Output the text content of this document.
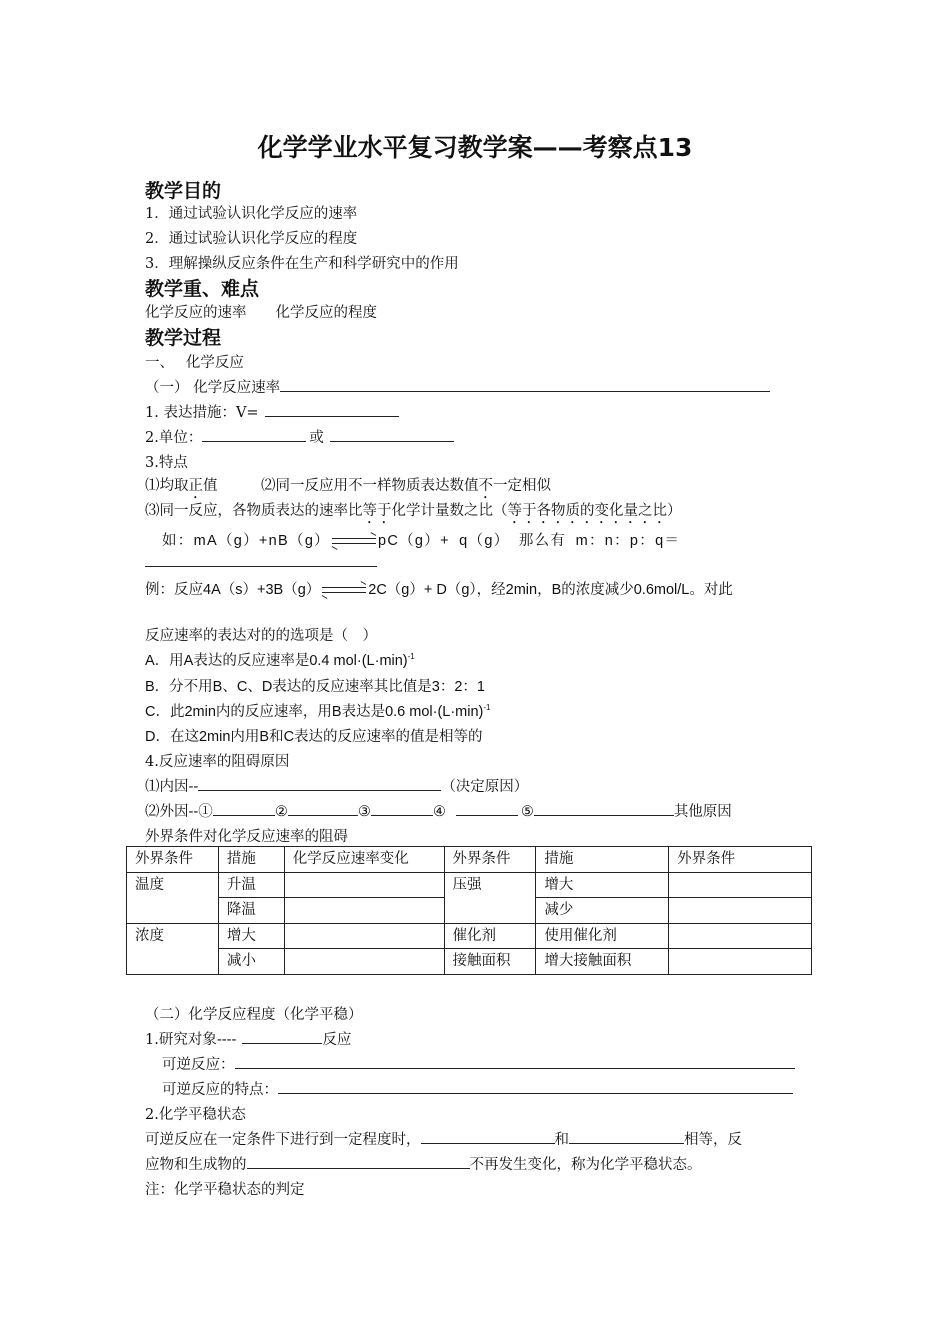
化学学业水平复习教学案——考察点13
教学目的
1．通过试验认识化学反应的速率
2．通过试验认识化学反应的程度
3．理解操纵反应条件在生产和科学研究中的作用
教学重、难点
化学反应的速率　　化学反应的程度
教学过程
一、　 化学反应
（一） 化学反应速率
1. 表达措施：V=
2.单位：	或
3.特点
⑴均取正值　　　⑵同一反应用不一样物质表达数值不一定相似
⑶同一反应，各物质表达的速率比等于化学计量数之比（等于各物质的变化量之比）
如：mA（g）+nB（g）	pC（g）+ q（g） 那么有 m：n：p：q＝
例：反应4A（s）+3B（g）	2C（g）+ D（g），经2min，B的浓度减少0.6mol/L。对此
反应速率的表达对的的选项是（　）
A．用A表达的反应速率是0.4 $mol\cdot(L\cdot\min)^{-1}$
B．分不用B、C、D表达的反应速率其比值是3：2：1
C．此2min内的反应速率，用B表达是0.6 $mol\cdot(L\cdot\min)^{-1}$
D．在这2min内用B和C表达的反应速率的值是相等的
4.反应速率的阻碍原因
⑴内因--	（决定原因）
⑵外因--①	②	③	④	⑤	其他原因
外界条件对化学反应速率的阻碍
外界条件	措施	化学反应速率变化	外界条件	措施	外界条件
温度	升温		压强	增大	
	降温			减少	
浓度	增大		催化剂	使用催化剂	
	减小		接触面积	增大接触面积	
（二）化学反应程度（化学平稳）
1.研究对象----	反应
可逆反应：
可逆反应的特点：
2.化学平稳状态
可逆反应在一定条件下进行到一定程度时，	和	相等，反
应物和生成物的	不再发生变化，称为化学平稳状态。
注：化学平稳状态的判定
